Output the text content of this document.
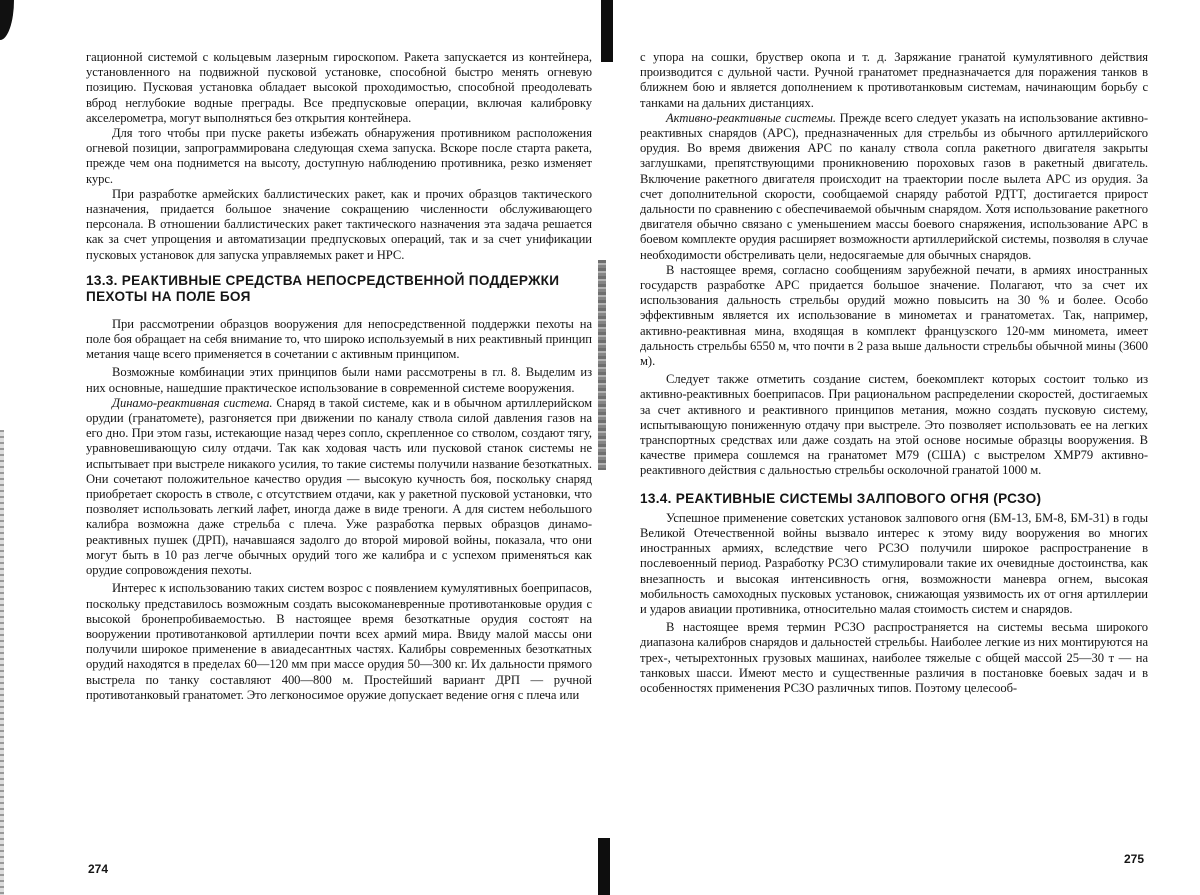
гационной системой с кольцевым лазерным гироскопом. Ракета запускается из контейнера, установленного на подвижной пусковой установке, способной быстро менять огневую позицию. Пусковая установка обладает высокой проходимостью, способной преодолевать вброд неглубокие водные преграды. Все предпусковые операции, включая калибровку акселерометра, могут выполняться без открытия контейнера.

Для того чтобы при пуске ракеты избежать обнаружения противником расположения огневой позиции, запрограммирована следующая схема запуска. Вскоре после старта ракета, прежде чем она поднимется на высоту, доступную наблюдению противника, резко изменяет курс.

При разработке армейских баллистических ракет, как и прочих образцов тактического назначения, придается большое значение сокращению численности обслуживающего персонала. В отношении баллистических ракет тактического назначения эта задача решается как за счет упрощения и автоматизации предпусковых операций, так и за счет унификации пусковых установок для запуска управляемых ракет и НРС.

13.3. РЕАКТИВНЫЕ СРЕДСТВА НЕПОСРЕДСТВЕННОЙ ПОДДЕРЖКИ ПЕХОТЫ НА ПОЛЕ БОЯ

При рассмотрении образцов вооружения для непосредственной поддержки пехоты на поле боя обращает на себя внимание то, что широко используемый в них реактивный принцип метания чаще всего применяется в сочетании с активным принципом.

Возможные комбинации этих принципов были нами рассмотрены в гл. 8. Выделим из них основные, нашедшие практическое использование в современной системе вооружения.

Динамо-реактивная система. Снаряд в такой системе, как и в обычном артиллерийском орудии (гранатомете), разгоняется при движении по каналу ствола силой давления газов на его дно. При этом газы, истекающие назад через сопло, скрепленное со стволом, создают тягу, уравновешивающую силу отдачи. Так как ходовая часть или пусковой станок системы не испытывает при выстреле никакого усилия, то такие системы получили название безоткатных. Они сочетают положительное качество орудия — высокую кучность боя, поскольку снаряд приобретает скорость в стволе, с отсутствием отдачи, как у ракетной пусковой установки, что позволяет использовать легкий лафет, иногда даже в виде треноги. А для систем небольшого калибра возможна даже стрельба с плеча. Уже разработка первых образцов динамо-реактивных пушек (ДРП), начавшаяся задолго до второй мировой войны, показала, что они могут быть в 10 раз легче обычных орудий того же калибра и с успехом применяться как орудие сопровождения пехоты.

Интерес к использованию таких систем возрос с появлением кумулятивных боеприпасов, поскольку представилось возможным создать высокоманевренные противотанковые орудия с высокой бронепробиваемостью. В настоящее время безоткатные орудия состоят на вооружении противотанковой артиллерии почти всех армий мира. Ввиду малой массы они получили широкое применение в авиадесантных частях. Калибры современных безоткатных орудий находятся в пределах 60—120 мм при массе орудия 50—300 кг. Их дальности прямого выстрела по танку составляют 400—800 м. Простейший вариант ДРП — ручной противотанковый гранатомет. Это легконосимое оружие допускает ведение огня с плеча или

274

с упора на сошки, бруствер окопа и т. д. Заряжание гранатой кумулятивного действия производится с дульной части. Ручной гранатомет предназначается для поражения танков в ближнем бою и является дополнением к противотанковым системам, начинающим борьбу с танками на дальних дистанциях.

Активно-реактивные системы. Прежде всего следует указать на использование активно-реактивных снарядов (АРС), предназначенных для стрельбы из обычного артиллерийского орудия. Во время движения АРС по каналу ствола сопла ракетного двигателя закрыты заглушками, препятствующими проникновению пороховых газов в ракетный двигатель. Включение ракетного двигателя происходит на траектории после вылета АРС из орудия. За счет дополнительной скорости, сообщаемой снаряду работой РДТТ, достигается прирост дальности по сравнению с обеспечиваемой обычным снарядом. Хотя использование ракетного двигателя обычно связано с уменьшением массы боевого снаряжения, использование АРС в боевом комплекте орудия расширяет возможности артиллерийской системы, позволяя в случае необходимости обстреливать цели, недосягаемые для обычных снарядов.

В настоящее время, согласно сообщениям зарубежной печати, в армиях иностранных государств разработке АРС придается большое значение. Полагают, что за счет их использования дальность стрельбы орудий можно повысить на 30 % и более. Особо эффективным является их использование в минометах и гранатометах. Так, например, активно-реактивная мина, входящая в комплект французского 120-мм миномета, имеет дальность стрельбы 6550 м, что почти в 2 раза выше дальности стрельбы обычной мины (3600 м).

Следует также отметить создание систем, боекомплект которых состоит только из активно-реактивных боеприпасов. При рациональном распределении скоростей, достигаемых за счет активного и реактивного принципов метания, можно создать пусковую систему, испытывающую пониженную отдачу при выстреле. Это позволяет использовать ее на легких транспортных средствах или даже создать на этой основе носимые образцы вооружения. В качестве примера сошлемся на гранатомет М79 (США) с выстрелом ХМР79 активно-реактивного действия с дальностью стрельбы осколочной гранатой 1000 м.

13.4. РЕАКТИВНЫЕ СИСТЕМЫ ЗАЛПОВОГО ОГНЯ (РСЗО)

Успешное применение советских установок залпового огня (БМ-13, БМ-8, БМ-31) в годы Великой Отечественной войны вызвало интерес к этому виду вооружения во многих иностранных армиях, вследствие чего РСЗО получили широкое распространение в послевоенный период. Разработку РСЗО стимулировали такие их очевидные достоинства, как внезапность и высокая интенсивность огня, возможности маневра огнем, высокая мобильность самоходных пусковых установок, снижающая уязвимость их от огня артиллерии и ударов авиации противника, относительно малая стоимость систем и снарядов.

В настоящее время термин РСЗО распространяется на системы весьма широкого диапазона калибров снарядов и дальностей стрельбы. Наиболее легкие из них монтируются на трех-, четырехтонных грузовых машинах, наиболее тяжелые с общей массой 25—30 т — на танковых шасси. Имеют место и существенные различия в постановке боевых задач и в особенностях применения РСЗО различных типов. Поэтому целесооб-

275
